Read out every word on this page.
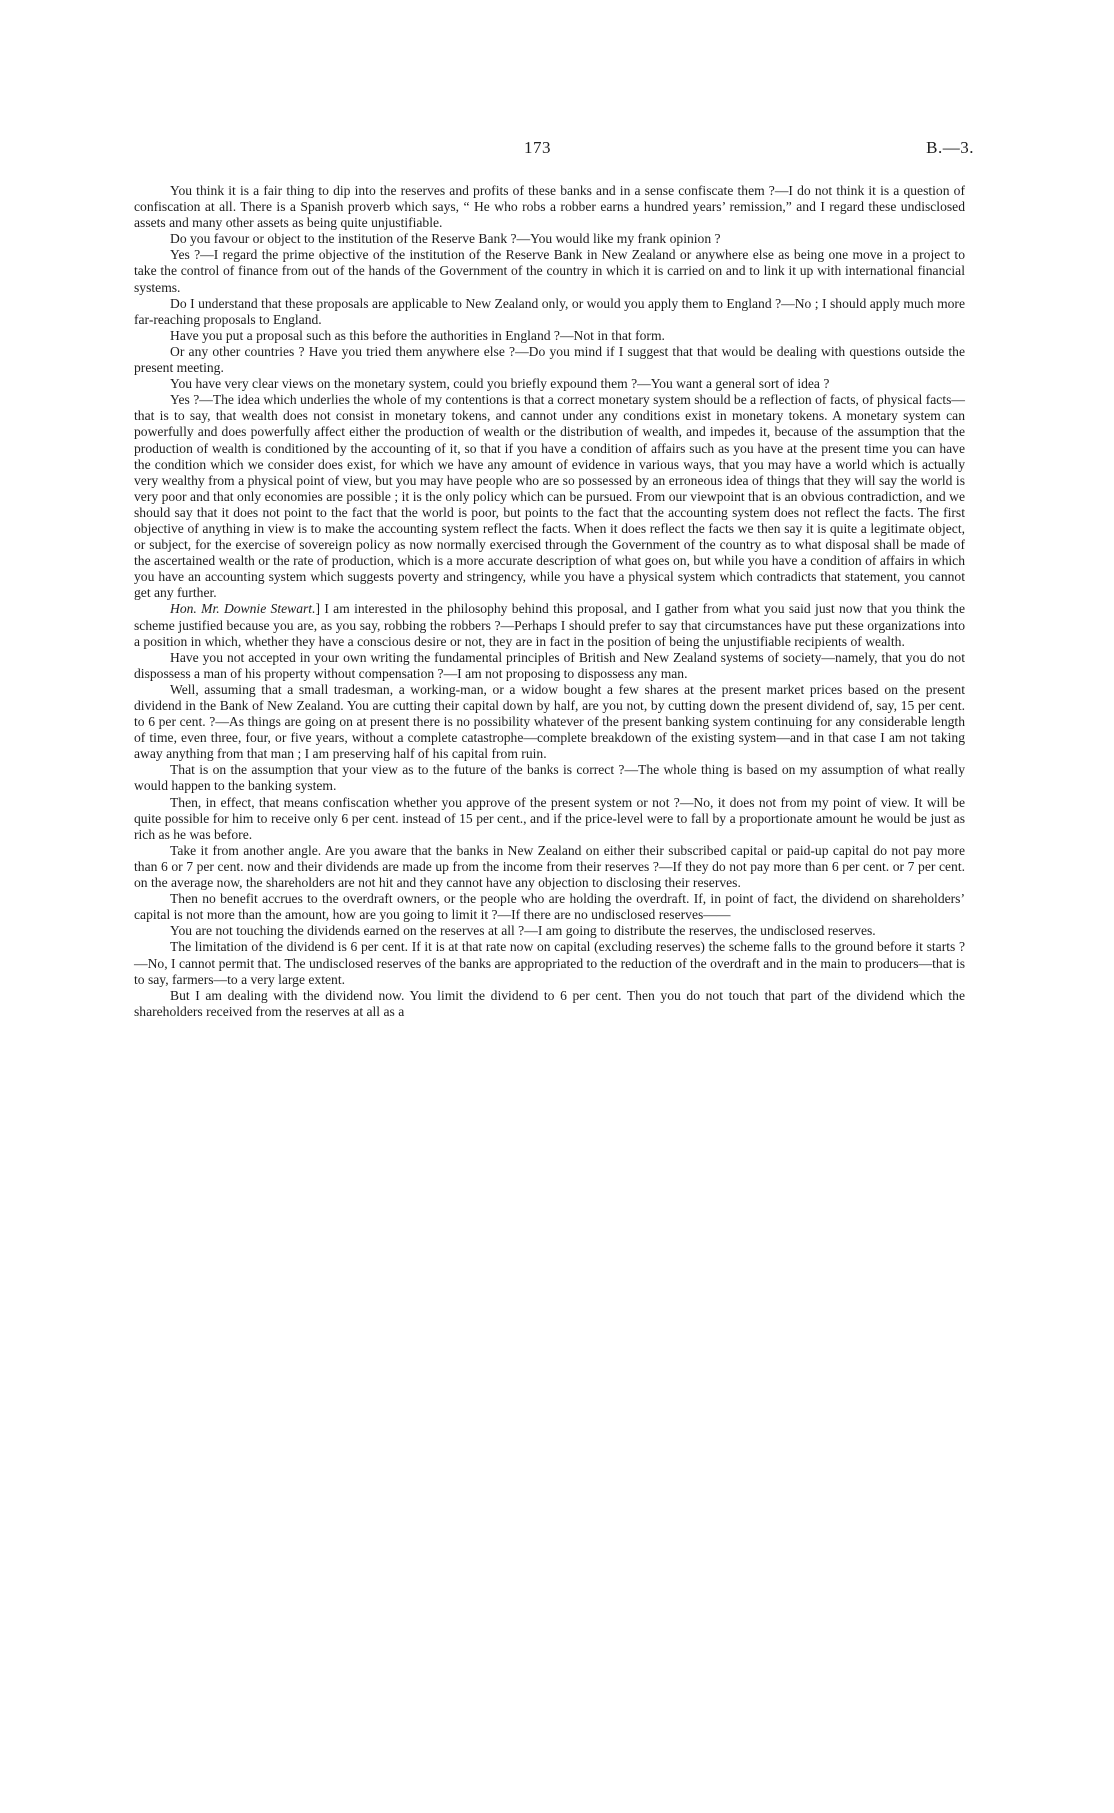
173	B.—3.

You think it is a fair thing to dip into the reserves and profits of these banks and in a sense confiscate them ?—I do not think it is a question of confiscation at all. There is a Spanish proverb which says, “ He who robs a robber earns a hundred years’ remission,” and I regard these undisclosed assets and many other assets as being quite unjustifiable.

Do you favour or object to the institution of the Reserve Bank ?—You would like my frank opinion ?

Yes ?—I regard the prime objective of the institution of the Reserve Bank in New Zealand or anywhere else as being one move in a project to take the control of finance from out of the hands of the Government of the country in which it is carried on and to link it up with international financial systems.

Do I understand that these proposals are applicable to New Zealand only, or would you apply them to England ?—No ; I should apply much more far-reaching proposals to England.

Have you put a proposal such as this before the authorities in England ?—Not in that form.

Or any other countries ? Have you tried them anywhere else ?—Do you mind if I suggest that that would be dealing with questions outside the present meeting.

You have very clear views on the monetary system, could you briefly expound them ?—You want a general sort of idea ?

Yes ?—The idea which underlies the whole of my contentions is that a correct monetary system should be a reflection of facts, of physical facts—that is to say, that wealth does not consist in monetary tokens, and cannot under any conditions exist in monetary tokens. A monetary system can powerfully and does powerfully affect either the production of wealth or the distribution of wealth, and impedes it, because of the assumption that the production of wealth is conditioned by the accounting of it, so that if you have a condition of affairs such as you have at the present time you can have the condition which we consider does exist, for which we have any amount of evidence in various ways, that you may have a world which is actually very wealthy from a physical point of view, but you may have people who are so possessed by an erroneous idea of things that they will say the world is very poor and that only economies are possible ; it is the only policy which can be pursued. From our viewpoint that is an obvious contradiction, and we should say that it does not point to the fact that the world is poor, but points to the fact that the accounting system does not reflect the facts. The first objective of anything in view is to make the accounting system reflect the facts. When it does reflect the facts we then say it is quite a legitimate object, or subject, for the exercise of sovereign policy as now normally exercised through the Government of the country as to what disposal shall be made of the ascertained wealth or the rate of production, which is a more accurate description of what goes on, but while you have a condition of affairs in which you have an accounting system which suggests poverty and stringency, while you have a physical system which contradicts that statement, you cannot get any further.

Hon. Mr. Downie Stewart.] I am interested in the philosophy behind this proposal, and I gather from what you said just now that you think the scheme justified because you are, as you say, robbing the robbers ?—Perhaps I should prefer to say that circumstances have put these organizations into a position in which, whether they have a conscious desire or not, they are in fact in the position of being the unjustifiable recipients of wealth.

Have you not accepted in your own writing the fundamental principles of British and New Zealand systems of society—namely, that you do not dispossess a man of his property without compensation ?—I am not proposing to dispossess any man.

Well, assuming that a small tradesman, a working-man, or a widow bought a few shares at the present market prices based on the present dividend in the Bank of New Zealand. You are cutting their capital down by half, are you not, by cutting down the present dividend of, say, 15 per cent. to 6 per cent. ?—As things are going on at present there is no possibility whatever of the present banking system continuing for any considerable length of time, even three, four, or five years, without a complete catastrophe—complete breakdown of the existing system—and in that case I am not taking away anything from that man ; I am preserving half of his capital from ruin.

That is on the assumption that your view as to the future of the banks is correct ?—The whole thing is based on my assumption of what really would happen to the banking system.

Then, in effect, that means confiscation whether you approve of the present system or not ?—No, it does not from my point of view. It will be quite possible for him to receive only 6 per cent. instead of 15 per cent., and if the price-level were to fall by a proportionate amount he would be just as rich as he was before.

Take it from another angle. Are you aware that the banks in New Zealand on either their subscribed capital or paid-up capital do not pay more than 6 or 7 per cent. now and their dividends are made up from the income from their reserves ?—If they do not pay more than 6 per cent. or 7 per cent. on the average now, the shareholders are not hit and they cannot have any objection to disclosing their reserves.

Then no benefit accrues to the overdraft owners, or the people who are holding the overdraft. If, in point of fact, the dividend on shareholders’ capital is not more than the amount, how are you going to limit it ?—If there are no undisclosed reserves——

You are not touching the dividends earned on the reserves at all ?—I am going to distribute the reserves, the undisclosed reserves.

The limitation of the dividend is 6 per cent. If it is at that rate now on capital (excluding reserves) the scheme falls to the ground before it starts ?—No, I cannot permit that. The undisclosed reserves of the banks are appropriated to the reduction of the overdraft and in the main to producers—that is to say, farmers—to a very large extent.

But I am dealing with the dividend now. You limit the dividend to 6 per cent. Then you do not touch that part of the dividend which the shareholders received from the reserves at all as a
